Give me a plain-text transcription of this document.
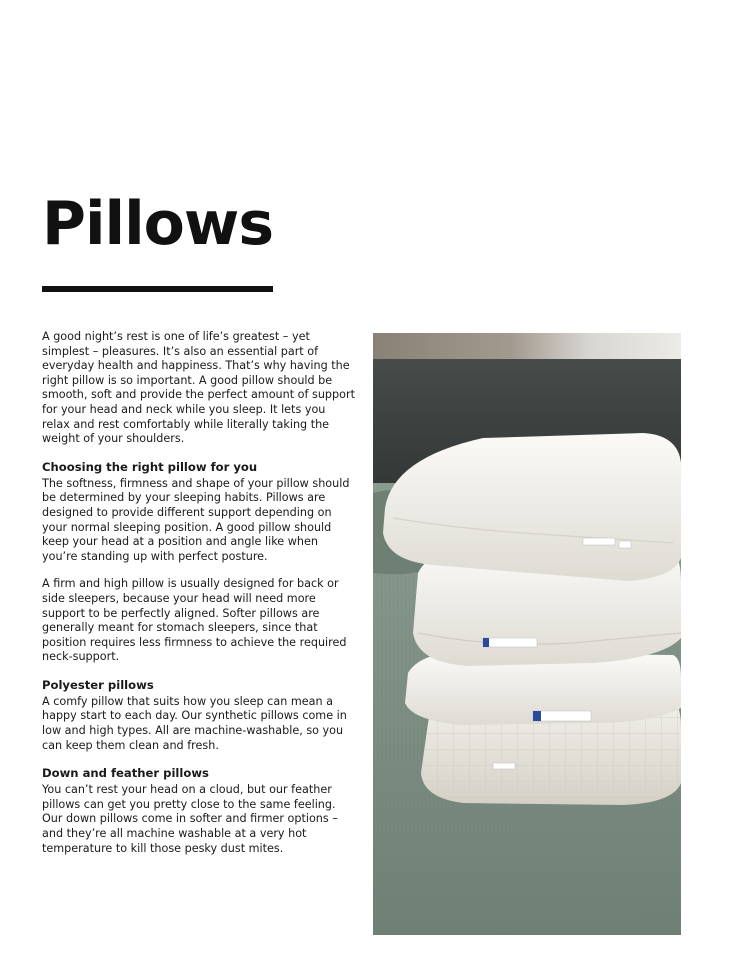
Pillows

A good night’s rest is one of life’s greatest – yet simplest – pleasures. It’s also an essential part of everyday health and happiness. That’s why having the right pillow is so important. A good pillow should be smooth, soft and provide the perfect amount of support for your head and neck while you sleep. It lets you relax and rest comfortably while literally taking the weight of your shoulders.

Choosing the right pillow for you

The softness, firmness and shape of your pillow should be determined by your sleeping habits. Pillows are designed to provide different support depending on your normal sleeping position. A good pillow should keep your head at a position and angle like when you’re standing up with perfect posture.

A firm and high pillow is usually designed for back or side sleepers, because your head will need more support to be perfectly aligned. Softer pillows are generally meant for stomach sleepers, since that position requires less firmness to achieve the required neck-support.

Polyester pillows

A comfy pillow that suits how you sleep can mean a happy start to each day. Our synthetic pillows come in low and high types. All are machine-washable, so you can keep them clean and fresh.

Down and feather pillows

You can’t rest your head on a cloud, but our feather pillows can get you pretty close to the same feeling. Our down pillows come in softer and firmer options – and they’re all machine washable at a very hot temperature to kill those pesky dust mites.
